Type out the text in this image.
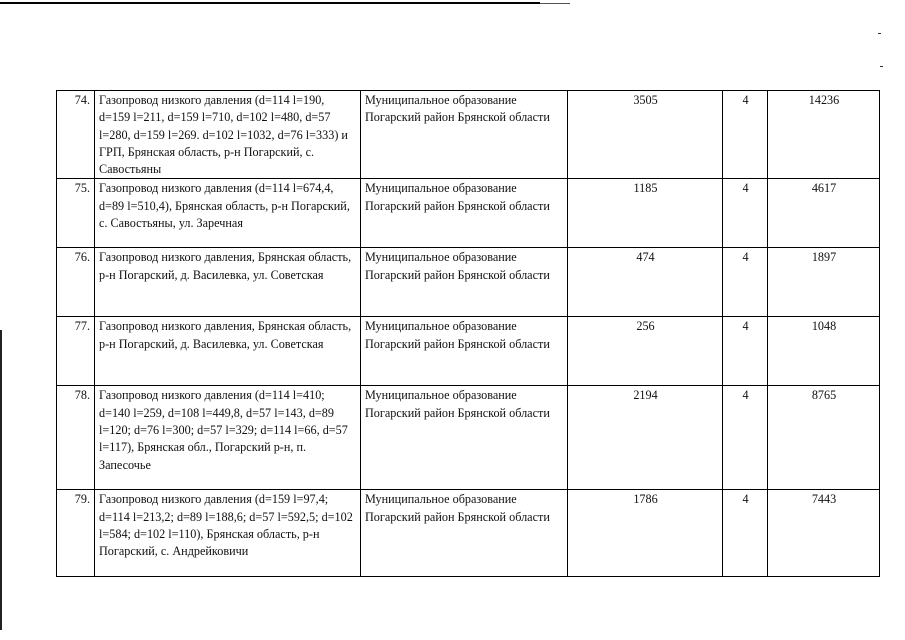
74.	Газопровод низкого давления (d=114 l=190, d=159 l=211, d=159 l=710, d=102 l=480, d=57 l=280, d=159 l=269. d=102 l=1032, d=76 l=333) и ГРП, Брянская область, р-н Погарский, с. Савостьяны	Муниципальное образование Погарский район Брянской области	3505	4	14236
75.	Газопровод низкого давления (d=114 l=674,4, d=89 l=510,4), Брянская область, р-н Погарский, с. Савостьяны, ул. Заречная	Муниципальное образование Погарский район Брянской области	1185	4	4617
76.	Газопровод низкого давления, Брянская область, р-н Погарский, д. Василевка, ул. Советская	Муниципальное образование Погарский район Брянской области	474	4	1897
77.	Газопровод низкого давления, Брянская область, р-н Погарский, д. Василевка, ул. Советская	Муниципальное образование Погарский район Брянской области	256	4	1048
78.	Газопровод низкого давления (d=114 l=410; d=140 l=259, d=108 l=449,8, d=57 l=143, d=89 l=120; d=76 l=300; d=57 l=329; d=114 l=66, d=57 l=117), Брянская обл., Погарский р-н, п. Запесочье	Муниципальное образование Погарский район Брянской области	2194	4	8765
79.	Газопровод низкого давления (d=159 l=97,4; d=114 l=213,2; d=89 l=188,6; d=57 l=592,5; d=102 l=584; d=102 l=110), Брянская область, р-н Погарский, с. Андрейковичи	Муниципальное образование Погарский район Брянской области	1786	4	7443
